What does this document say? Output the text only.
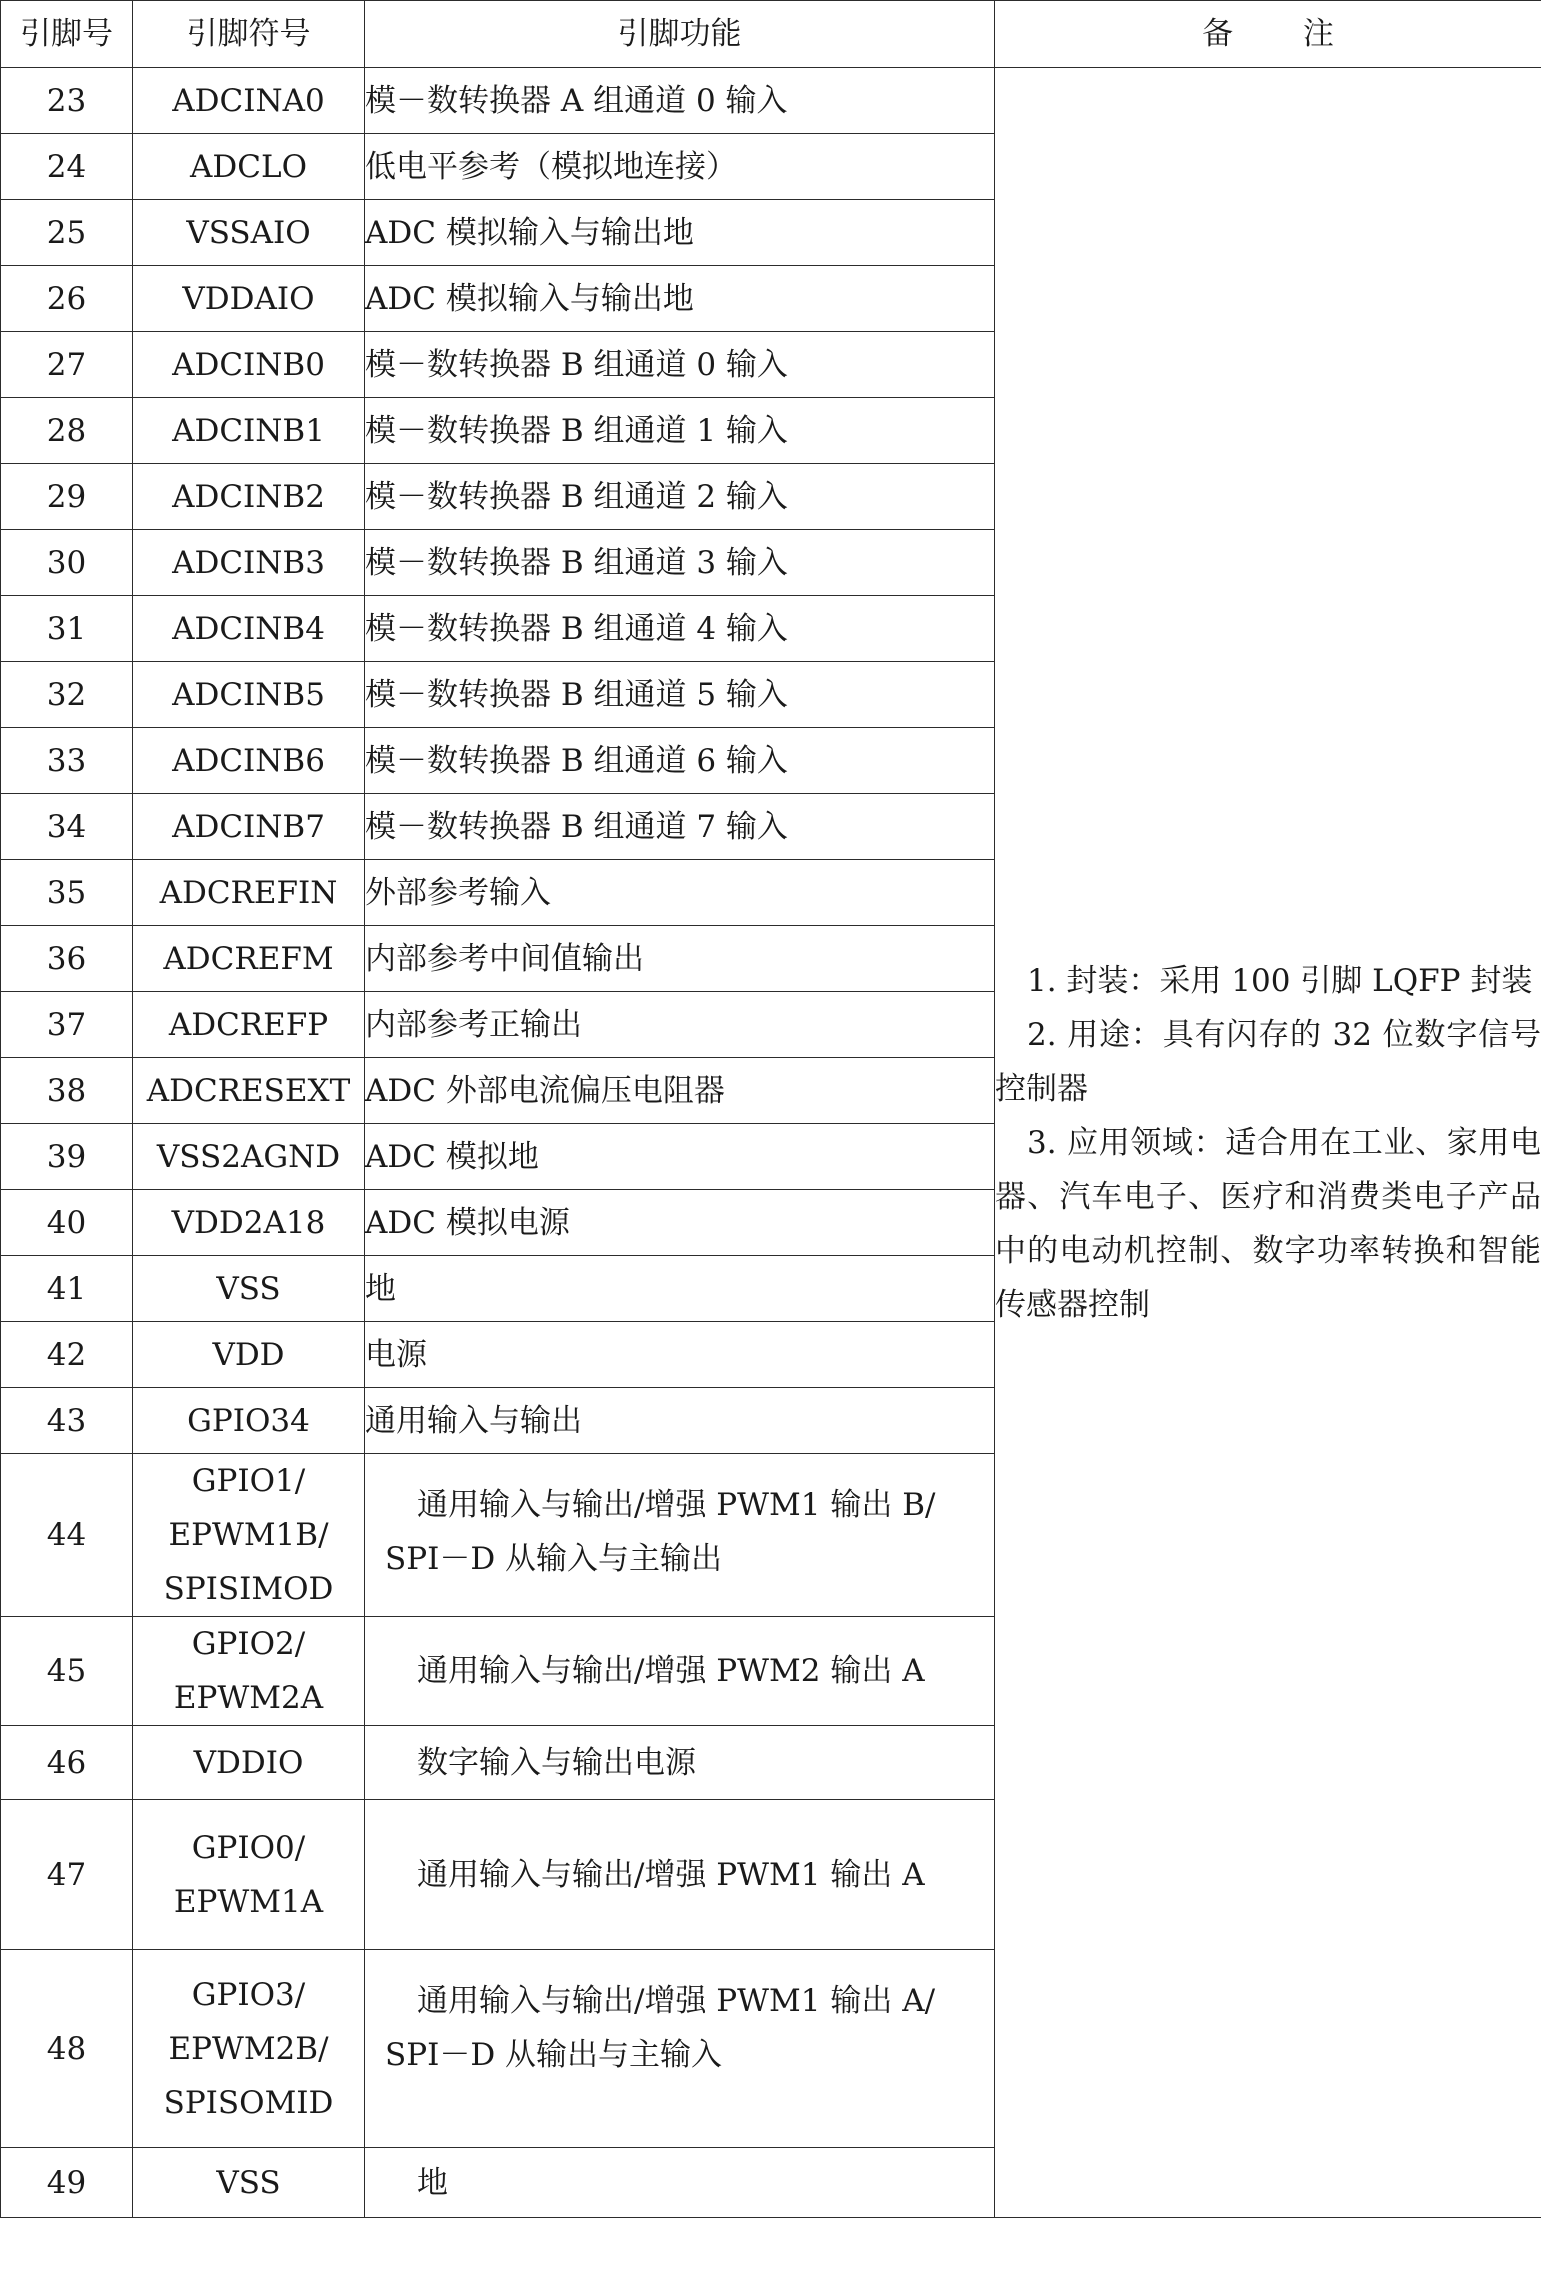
引脚号	引脚符号	引脚功能	备 注
23	ADCINA0	模－数转换器 A 组通道 0 输入	1. 封装：采用 100 引脚 LQFP 封装
2. 用途：具有闪存的 32 位数字信号控制器
3. 应用领域：适合用在工业、家用电器、汽车电子、医疗和消费类电子产品中的电动机控制、数字功率转换和智能传感器控制

24	ADCLO	低电平参考（模拟地连接）	
25	VSSAIO	ADC 模拟输入与输出地	
26	VDDAIO	ADC 模拟输入与输出地	
27	ADCINB0	模－数转换器 B 组通道 0 输入	
28	ADCINB1	模－数转换器 B 组通道 1 输入	
29	ADCINB2	模－数转换器 B 组通道 2 输入	
30	ADCINB3	模－数转换器 B 组通道 3 输入	
31	ADCINB4	模－数转换器 B 组通道 4 输入	
32	ADCINB5	模－数转换器 B 组通道 5 输入	
33	ADCINB6	模－数转换器 B 组通道 6 输入	
34	ADCINB7	模－数转换器 B 组通道 7 输入	
35	ADCREFIN	外部参考输入	
36	ADCREFM	内部参考中间值输出	
37	ADCREFP	内部参考正输出	
38	ADCRESEXT	ADC 外部电流偏压电阻器	
39	VSS2AGND	ADC 模拟地	
40	VDD2A18	ADC 模拟电源	
41	VSS	地	
42	VDD	电源	
43	GPIO34	通用输入与输出	
44	GPIO1/
EPWM1B/
SPISIMOD	通用输入与输出/增强 PWM1 输出 B/
SPI－D 从输入与主输出	

45	GPIO2/
EPWM2A	通用输入与输出/增强 PWM2 输出 A	
46	VDDIO	数字输入与输出电源	
47	GPIO0/
EPWM1A	通用输入与输出/增强 PWM1 输出 A	
48	GPIO3/
EPWM2B/
SPISOMID	通用输入与输出/增强 PWM1 输出 A/
SPI－D 从输出与主输入	

49	VSS	地	
